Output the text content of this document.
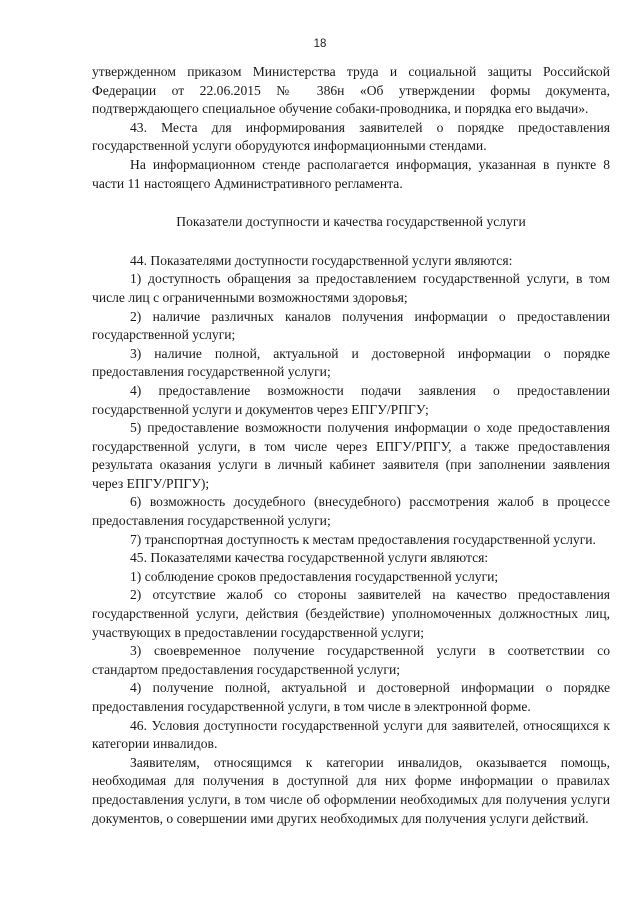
18

утвержденном приказом Министерства труда и социальной защиты Российской Федерации от 22.06.2015 № 386н «Об утверждении формы документа, подтверждающего специальное обучение собаки-проводника, и порядка его выдачи».

43. Места для информирования заявителей о порядке предоставления государственной услуги оборудуются информационными стендами.

На информационном стенде располагается информация, указанная в пункте 8 части 11 настоящего Административного регламента.

Показатели доступности и качества государственной услуги

44. Показателями доступности государственной услуги являются:

1) доступность обращения за предоставлением государственной услуги, в том числе лиц с ограниченными возможностями здоровья;

2) наличие различных каналов получения информации о предоставлении государственной услуги;

3) наличие полной, актуальной и достоверной информации о порядке предоставления государственной услуги;

4) предоставление возможности подачи заявления о предоставлении государственной услуги и документов через ЕПГУ/РПГУ;

5) предоставление возможности получения информации о ходе предоставления государственной услуги, в том числе через ЕПГУ/РПГУ, а также предоставления результата оказания услуги в личный кабинет заявителя (при заполнении заявления через ЕПГУ/РПГУ);

6) возможность досудебного (внесудебного) рассмотрения жалоб в процессе предоставления государственной услуги;

7) транспортная доступность к местам предоставления государственной услуги.

45. Показателями качества государственной услуги являются:

1) соблюдение сроков предоставления государственной услуги;

2) отсутствие жалоб со стороны заявителей на качество предоставления государственной услуги, действия (бездействие) уполномоченных должностных лиц, участвующих в предоставлении государственной услуги;

3) своевременное получение государственной услуги в соответствии со стандартом предоставления государственной услуги;

4) получение полной, актуальной и достоверной информации о порядке предоставления государственной услуги, в том числе в электронной форме.

46. Условия доступности государственной услуги для заявителей, относящихся к категории инвалидов.

Заявителям, относящимся к категории инвалидов, оказывается помощь, необходимая для получения в доступной для них форме информации о правилах предоставления услуги, в том числе об оформлении необходимых для получения услуги документов, о совершении ими других необходимых для получения услуги действий.
